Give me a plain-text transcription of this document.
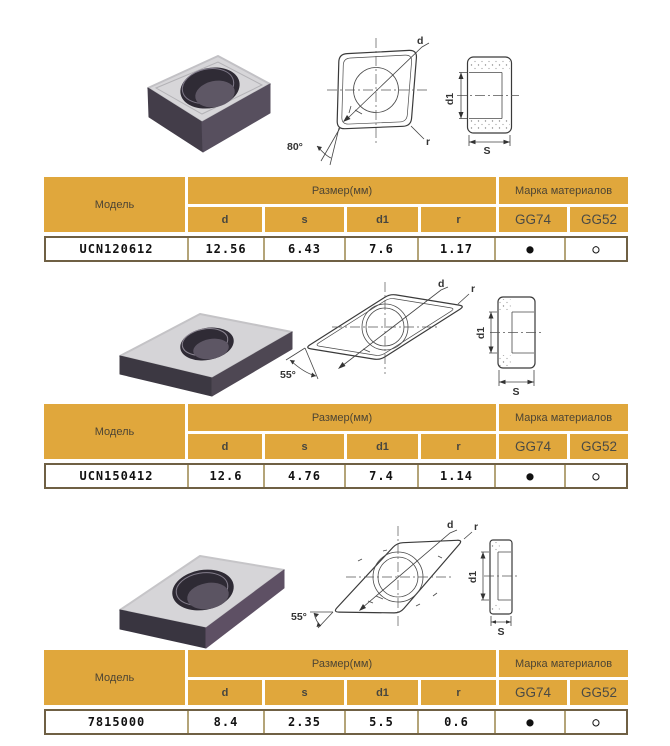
d
r
80°
d1
S
Модель
Размер(мм)	Марка материалов
d	s	d1	r	GG74	GG52
UCN120612	12.56	6.43	7.6	1.17	●	○
d	r
55°
d1
S
Модель
Размер(мм)	Марка материалов
d	s	d1	r	GG74	GG52
UCN150412	12.6	4.76	7.4	1.14	●	○
d r
55°
d1
S
Модель
Размер(мм)	Марка материалов
d	s	d1	r	GG74	GG52
7815000	8.4	2.35	5.5	0.6	●	○
